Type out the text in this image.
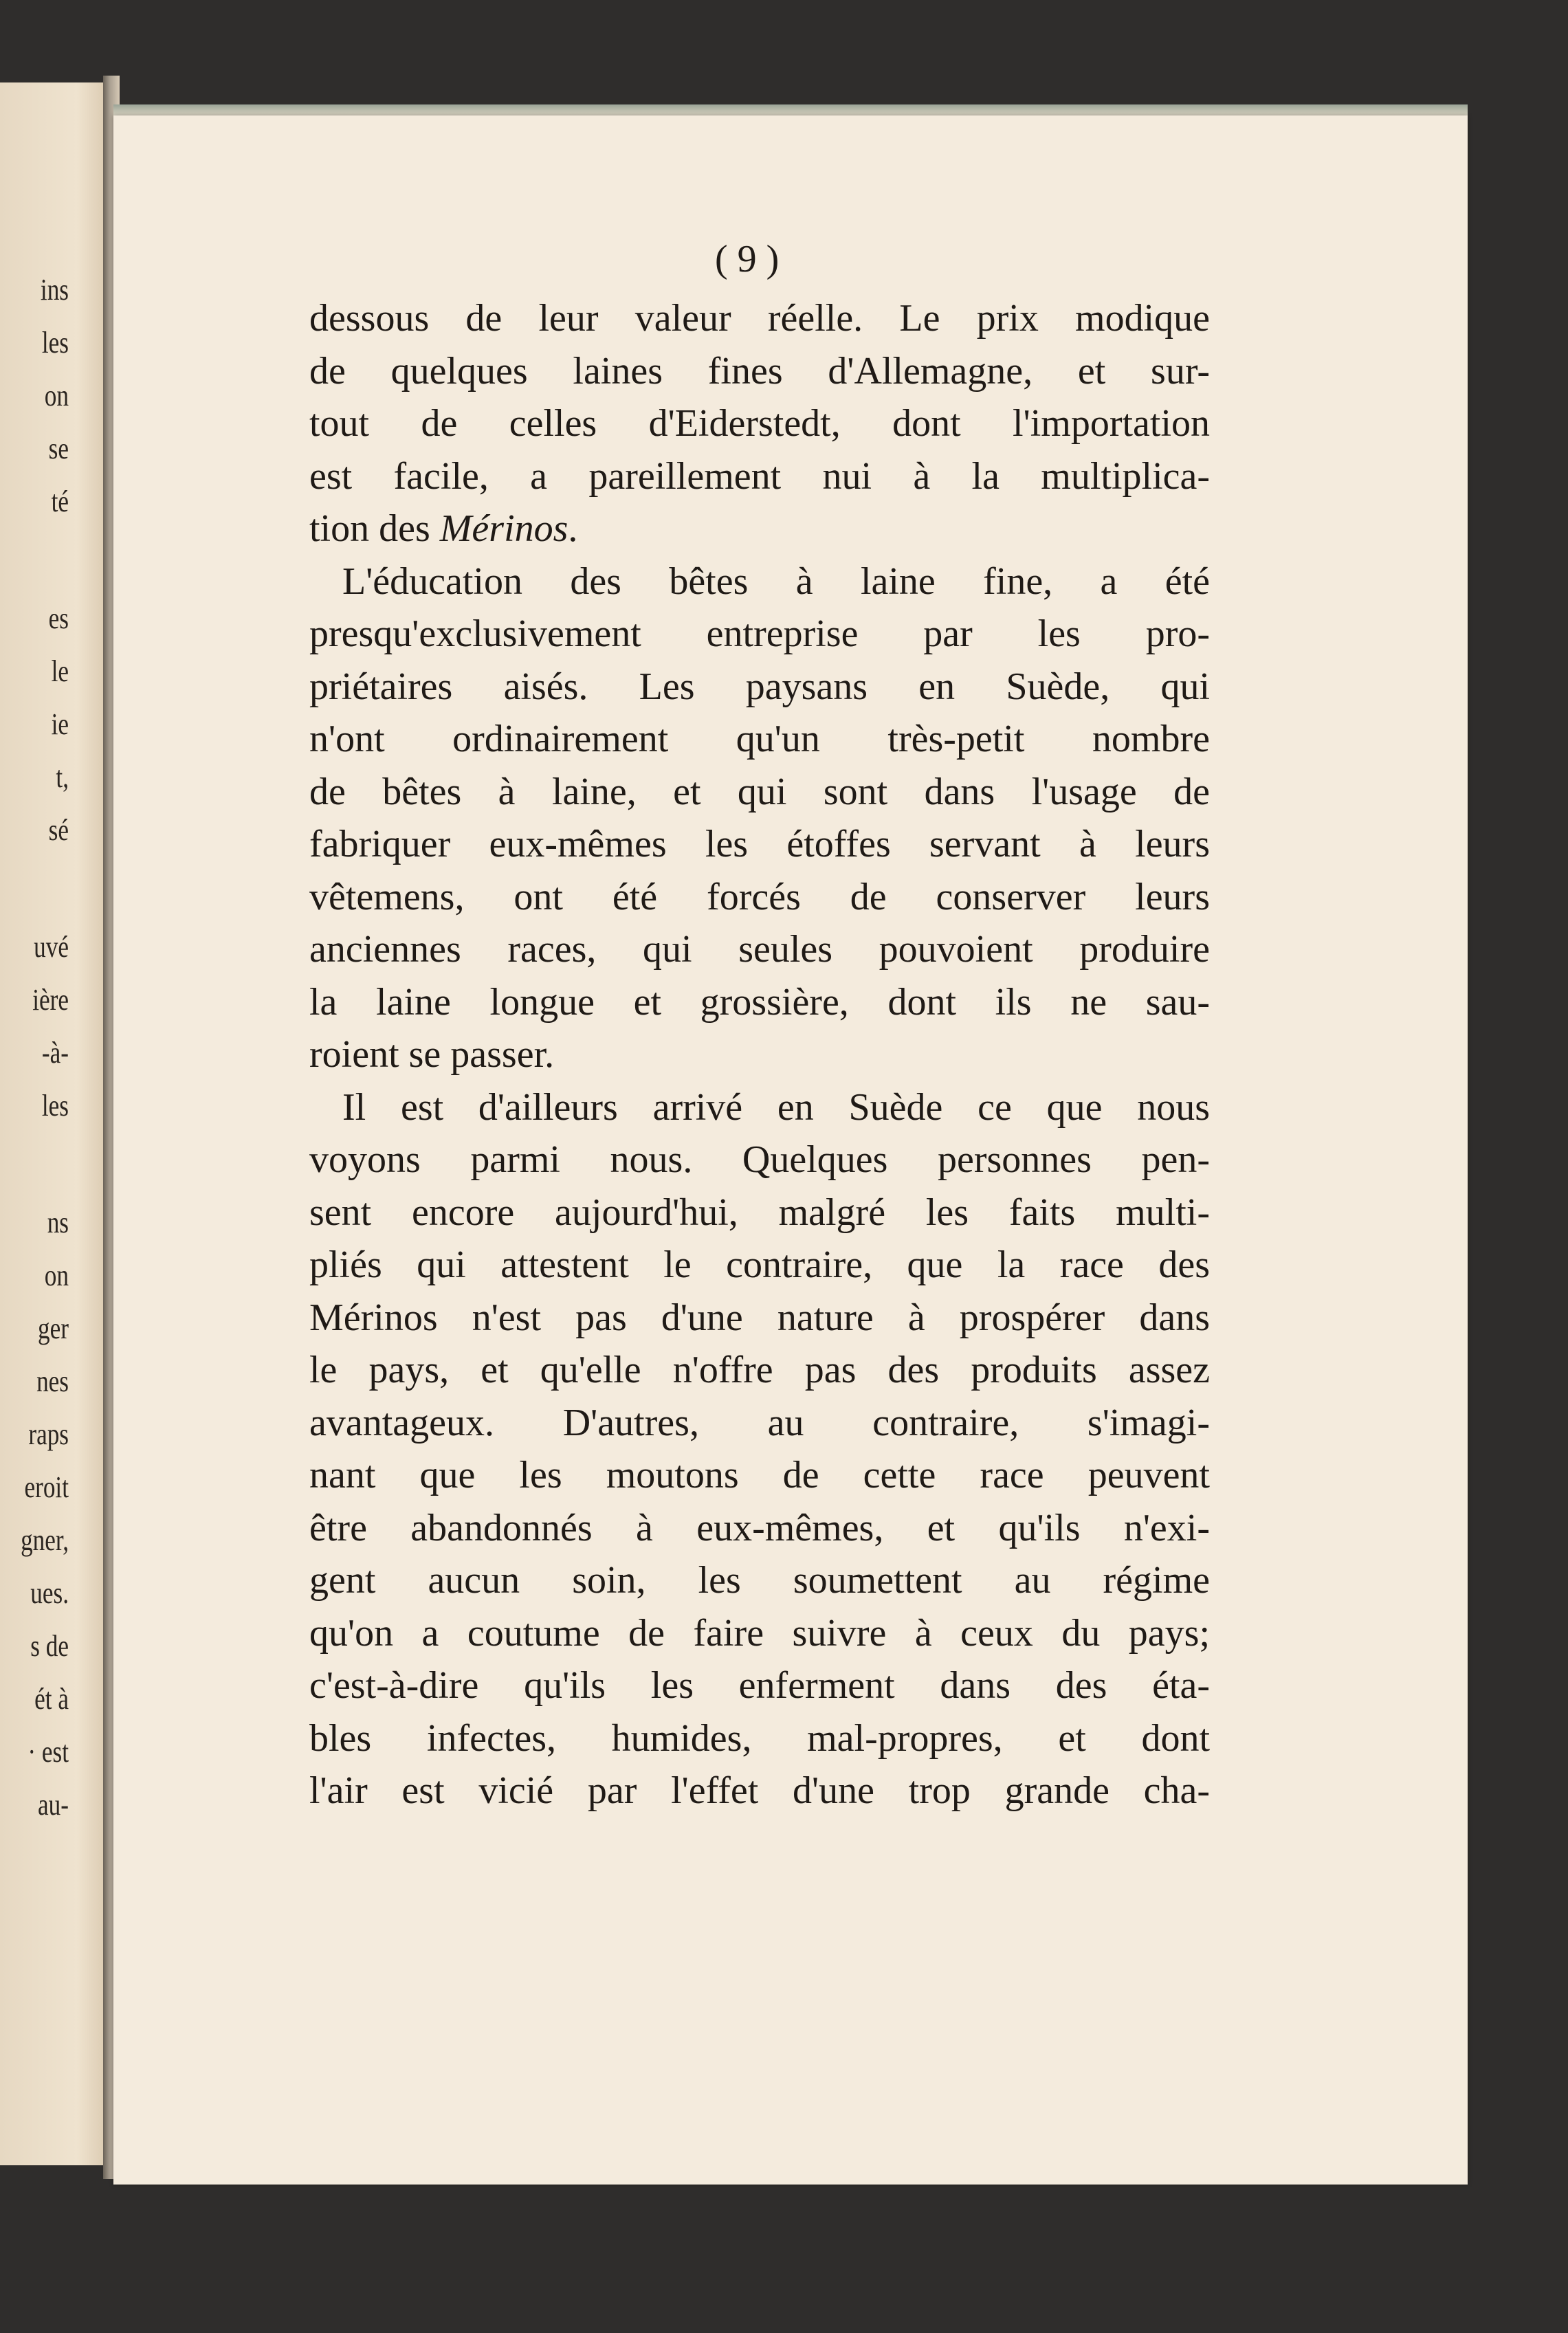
ins
les
on
se
té
es
le
ie
t,
sé
uvé
ière
-à-
les
ns
on
ger
nes
raps
eroit
gner,
ues.
s de
ét à
· est
au-
( 9 )
dessous de leur valeur réelle. Le prix modique
de quelques laines fines d'Allemagne, et sur-
tout de celles d'Eiderstedt, dont l'importation
est facile, a pareillement nui à la multiplica-
tion des Mérinos.
L'éducation des bêtes à laine fine, a été
presqu'exclusivement entreprise par les pro-
priétaires aisés. Les paysans en Suède, qui
n'ont ordinairement qu'un très-petit nombre
de bêtes à laine, et qui sont dans l'usage de
fabriquer eux-mêmes les étoffes servant à leurs
vêtemens, ont été forcés de conserver leurs
anciennes races, qui seules pouvoient produire
la laine longue et grossière, dont ils ne sau-
roient se passer.
Il est d'ailleurs arrivé en Suède ce que nous
voyons parmi nous. Quelques personnes pen-
sent encore aujourd'hui, malgré les faits multi-
pliés qui attestent le contraire, que la race des
Mérinos n'est pas d'une nature à prospérer dans
le pays, et qu'elle n'offre pas des produits assez
avantageux. D'autres, au contraire, s'imagi-
nant que les moutons de cette race peuvent
être abandonnés à eux-mêmes, et qu'ils n'exi-
gent aucun soin, les soumettent au régime
qu'on a coutume de faire suivre à ceux du pays;
c'est-à-dire qu'ils les enferment dans des éta-
bles infectes, humides, mal-propres, et dont
l'air est vicié par l'effet d'une trop grande cha-
